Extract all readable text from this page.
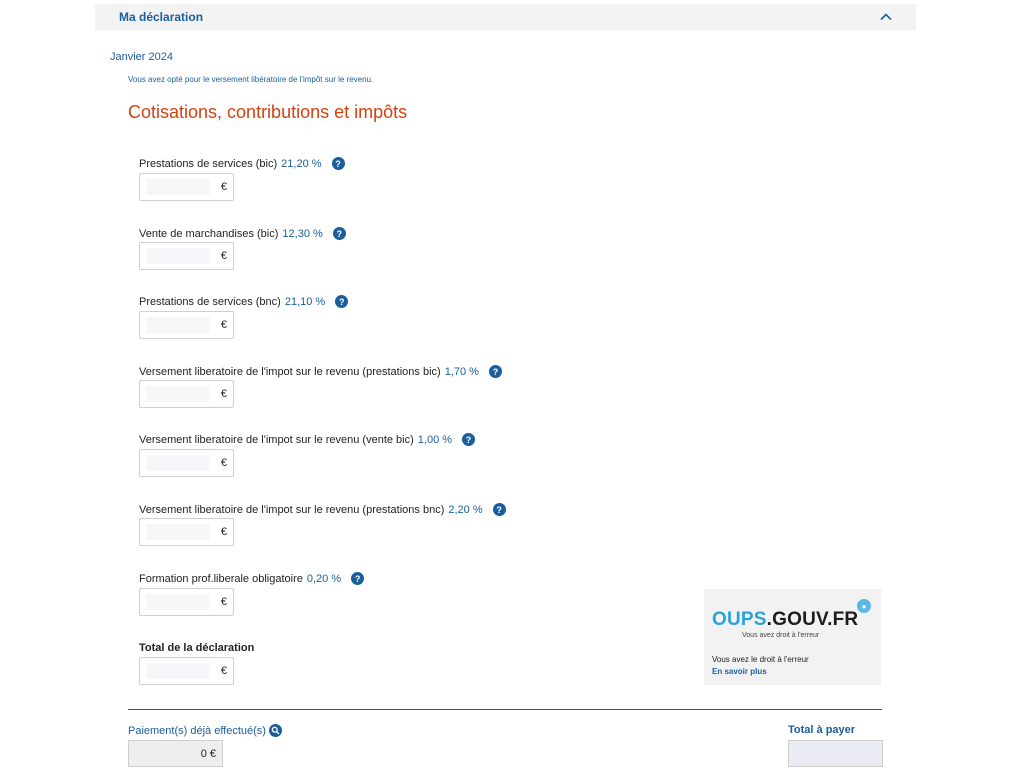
Ma déclaration
Janvier 2024
Vous avez opté pour le versement libératoire de l'impôt sur le revenu.
Cotisations, contributions et impôts
Prestations de services (bic) 21,20 %	?
€
Vente de marchandises (bic) 12,30 %	?
€
Prestations de services (bnc) 21,10 %	?
€
Versement liberatoire de l'impot sur le revenu (prestations bic) 1,70 %	?
€
Versement liberatoire de l'impot sur le revenu (vente bic) 1,00 %	?
€
Versement liberatoire de l'impot sur le revenu (prestations bnc) 2,20 %	?
€
Formation prof.liberale obligatoire 0,20 %	?
€
Total de la déclaration
€
●
OUPS.GOUV.FR
Vous avez droit à l'erreur
Vous avez le droit à l'erreur
En savoir plus
Paiement(s) déjà effectué(s)
0 €
Total à payer
